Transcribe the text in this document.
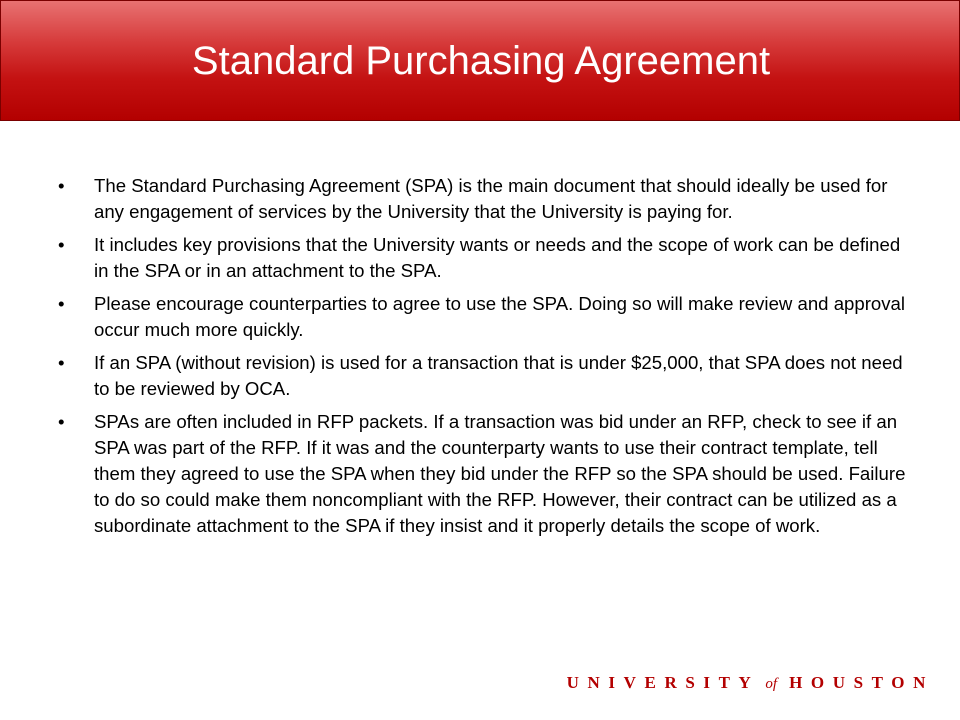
Standard Purchasing Agreement
• The Standard Purchasing Agreement (SPA) is the main document that should ideally be used for any engagement of services by the University that the University is paying for.
• It includes key provisions that the University wants or needs and the scope of work can be defined in the SPA or in an attachment to the SPA.
• Please encourage counterparties to agree to use the SPA. Doing so will make review and approval occur much more quickly.
• If an SPA (without revision) is used for a transaction that is under $25,000, that SPA does not need to be reviewed by OCA.
• SPAs are often included in RFP packets. If a transaction was bid under an RFP, check to see if an SPA was part of the RFP. If it was and the counterparty wants to use their contract template, tell them they agreed to use the SPA when they bid under the RFP so the SPA should be used. Failure to do so could make them noncompliant with the RFP. However, their contract can be utilized as a subordinate attachment to the SPA if they insist and it properly details the scope of work.
UNIVERSITY of HOUSTON
